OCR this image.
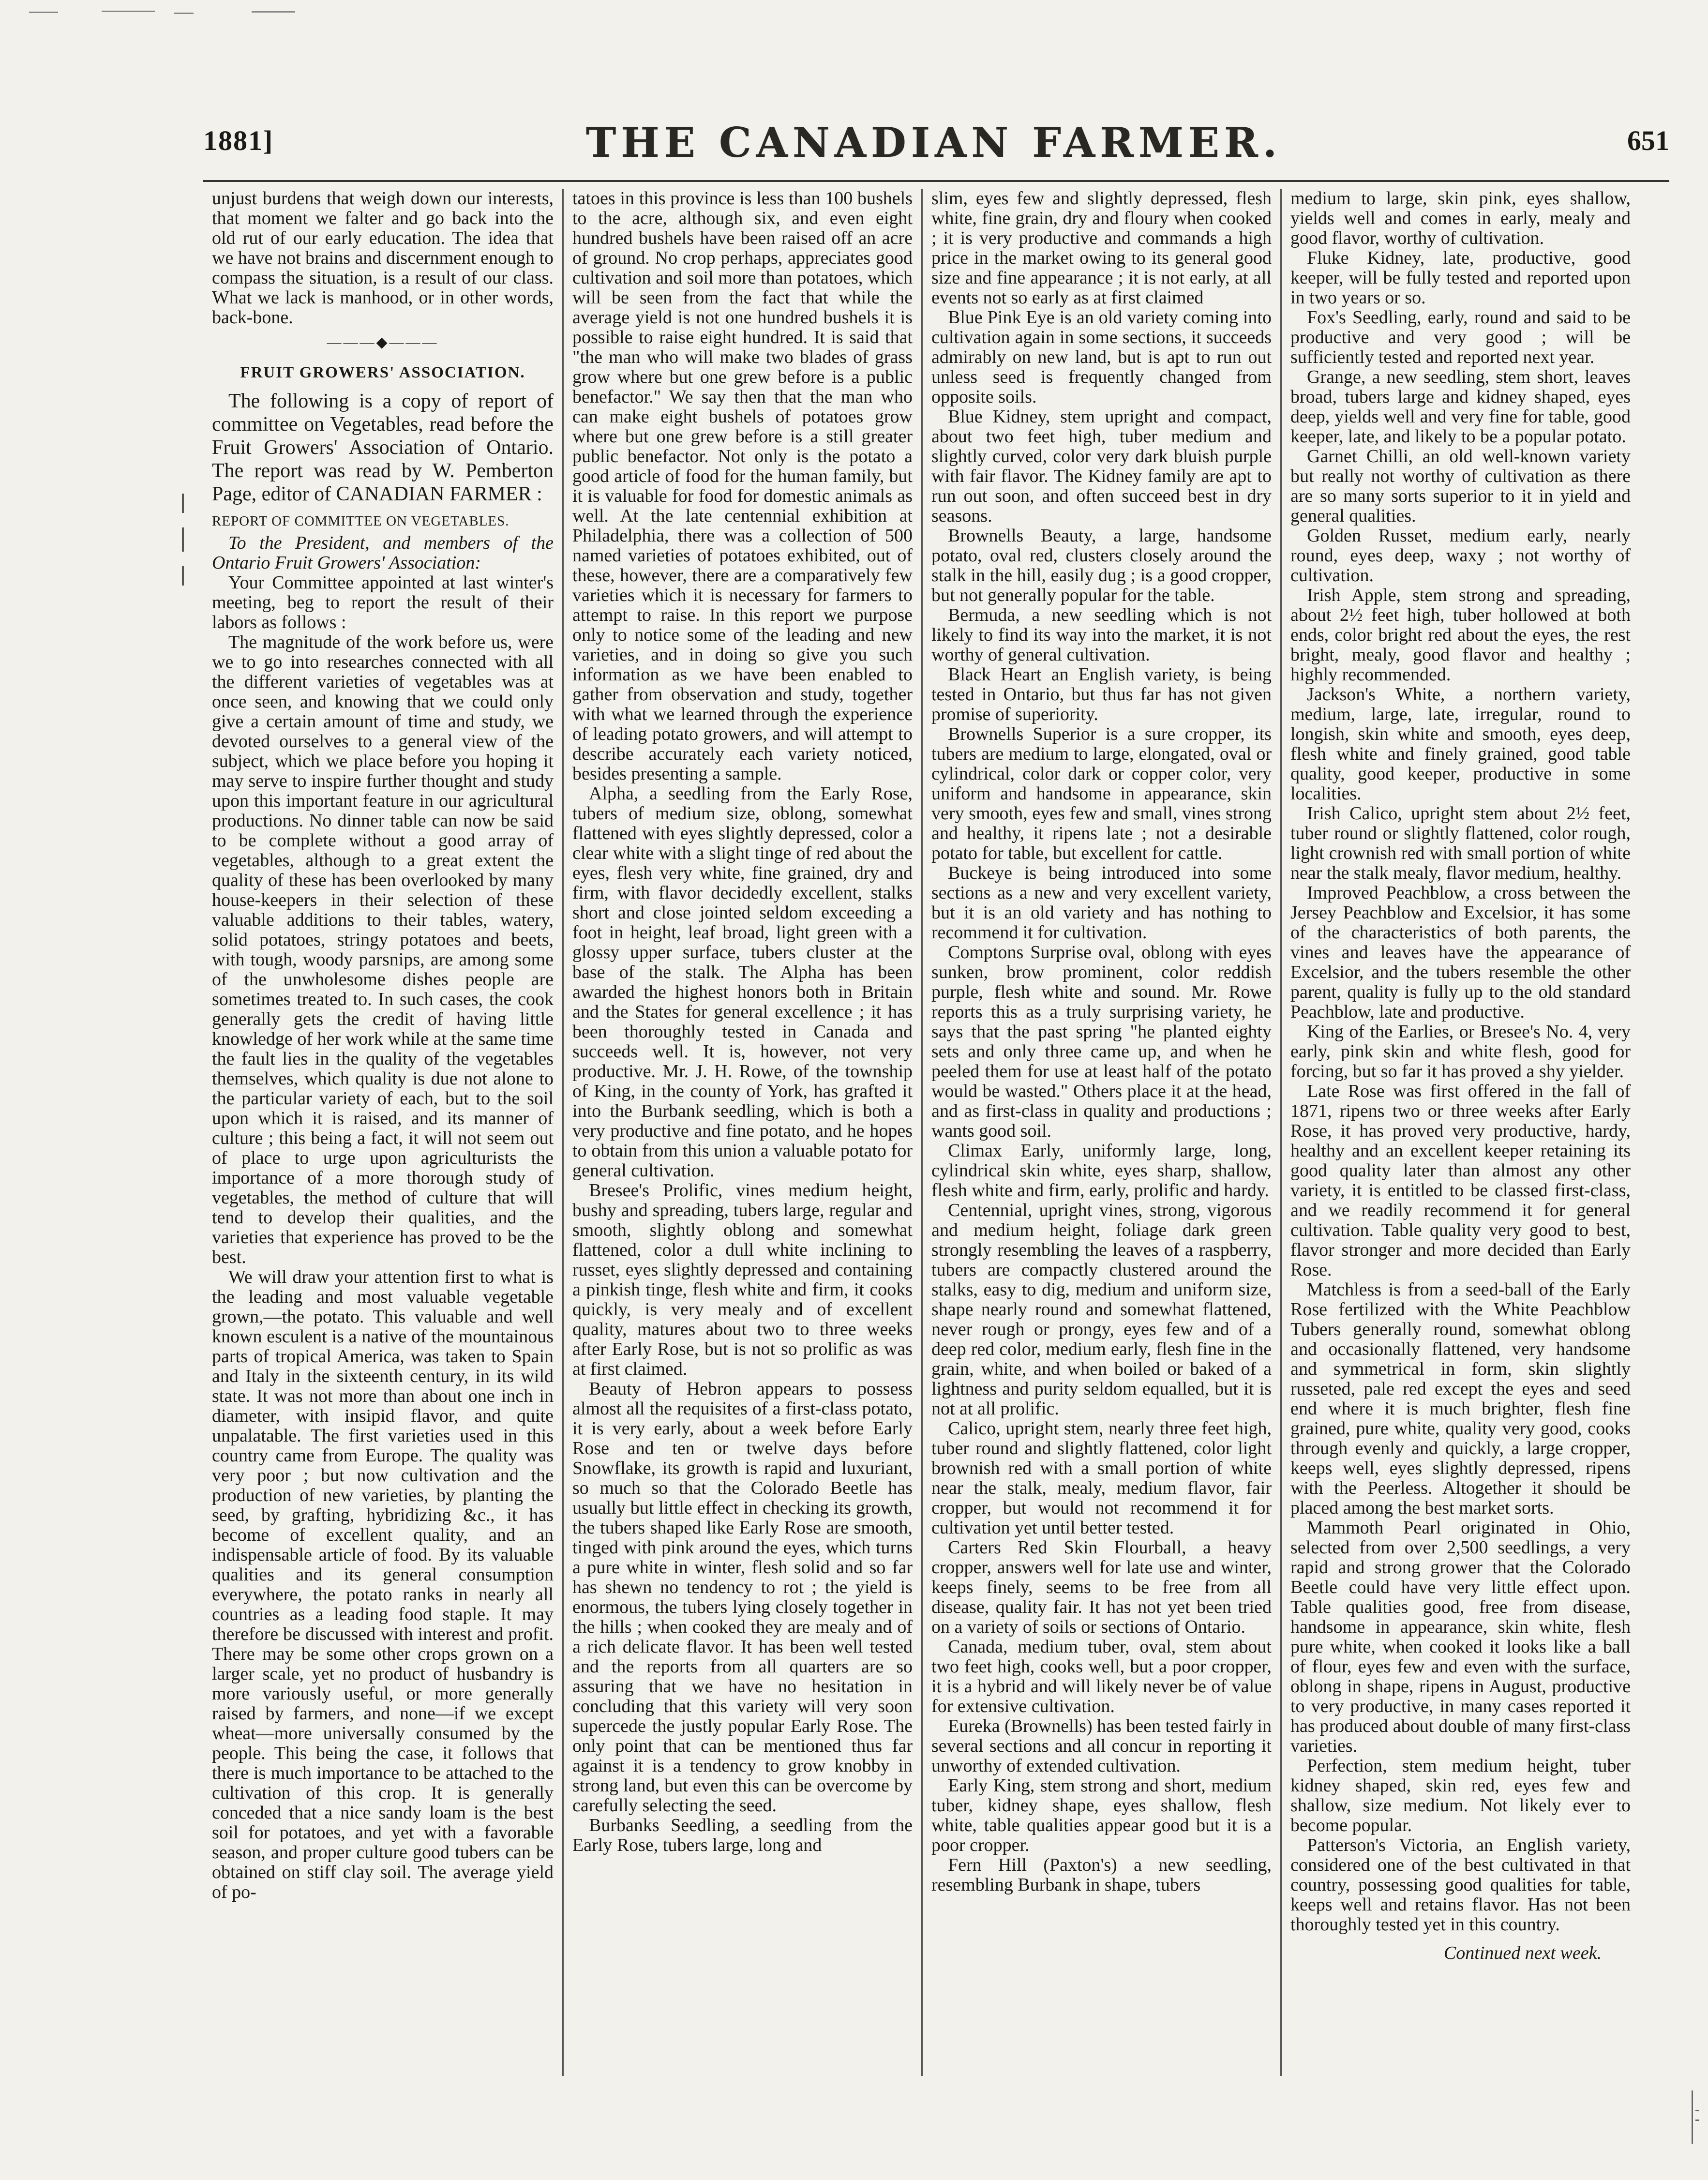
1881]	THE CANADIAN FARMER.	651

unjust burdens that weigh down our interests, that moment we falter and go back into the old rut of our early education. The idea that we have not brains and discernment enough to compass the situation, is a result of our class. What we lack is manhood, or in other words, back-bone.

———◆———
FRUIT GROWERS' ASSOCIATION.

The following is a copy of report of committee on Vegetables, read before the Fruit Growers' Association of Ontario. The report was read by W. Pemberton Page, editor of CANADIAN FARMER :

REPORT OF COMMITTEE ON VEGETABLES.

To the President, and members of the Ontario Fruit Growers' Association:

Your Committee appointed at last winter's meeting, beg to report the result of their labors as follows :

The magnitude of the work before us, were we to go into researches connected with all the different varieties of vegetables was at once seen, and knowing that we could only give a certain amount of time and study, we devoted ourselves to a general view of the subject, which we place before you hoping it may serve to inspire further thought and study upon this important feature in our agricultural productions. No dinner table can now be said to be complete without a good array of vegetables, although to a great extent the quality of these has been overlooked by many house-keepers in their selection of these valuable additions to their tables, watery, solid potatoes, stringy potatoes and beets, with tough, woody parsnips, are among some of the unwholesome dishes people are sometimes treated to. In such cases, the cook generally gets the credit of having little knowledge of her work while at the same time the fault lies in the quality of the vegetables themselves, which quality is due not alone to the particular variety of each, but to the soil upon which it is raised, and its manner of culture ; this being a fact, it will not seem out of place to urge upon agriculturists the importance of a more thorough study of vegetables, the method of culture that will tend to develop their qualities, and the varieties that experience has proved to be the best.

We will draw your attention first to what is the leading and most valuable vegetable grown,—the potato. This valuable and well known esculent is a native of the mountainous parts of tropical America, was taken to Spain and Italy in the sixteenth century, in its wild state. It was not more than about one inch in diameter, with insipid flavor, and quite unpalatable. The first varieties used in this country came from Europe. The quality was very poor ; but now cultivation and the production of new varieties, by planting the seed, by grafting, hybridizing &c., it has become of excellent quality, and an indispensable article of food. By its valuable qualities and its general consumption everywhere, the potato ranks in nearly all countries as a leading food staple. It may therefore be discussed with interest and profit. There may be some other crops grown on a larger scale, yet no product of husbandry is more variously useful, or more generally raised by farmers, and none—if we except wheat—more universally consumed by the people. This being the case, it follows that there is much importance to be attached to the cultivation of this crop. It is generally conceded that a nice sandy loam is the best soil for potatoes, and yet with a favorable season, and proper culture good tubers can be obtained on stiff clay soil. The average yield of po-

tatoes in this province is less than 100 bushels to the acre, although six, and even eight hundred bushels have been raised off an acre of ground. No crop perhaps, appreciates good cultivation and soil more than potatoes, which will be seen from the fact that while the average yield is not one hundred bushels it is possible to raise eight hundred. It is said that "the man who will make two blades of grass grow where but one grew before is a public benefactor." We say then that the man who can make eight bushels of potatoes grow where but one grew before is a still greater public benefactor. Not only is the potato a good article of food for the human family, but it is valuable for food for domestic animals as well. At the late centennial exhibition at Philadelphia, there was a collection of 500 named varieties of potatoes exhibited, out of these, however, there are a comparatively few varieties which it is necessary for farmers to attempt to raise. In this report we purpose only to notice some of the leading and new varieties, and in doing so give you such information as we have been enabled to gather from observation and study, together with what we learned through the experience of leading potato growers, and will attempt to describe accurately each variety noticed, besides presenting a sample.

Alpha, a seedling from the Early Rose, tubers of medium size, oblong, somewhat flattened with eyes slightly depressed, color a clear white with a slight tinge of red about the eyes, flesh very white, fine grained, dry and firm, with flavor decidedly excellent, stalks short and close jointed seldom exceeding a foot in height, leaf broad, light green with a glossy upper surface, tubers cluster at the base of the stalk. The Alpha has been awarded the highest honors both in Britain and the States for general excellence ; it has been thoroughly tested in Canada and succeeds well. It is, however, not very productive. Mr. J. H. Rowe, of the township of King, in the county of York, has grafted it into the Burbank seedling, which is both a very productive and fine potato, and he hopes to obtain from this union a valuable potato for general cultivation.

Bresee's Prolific, vines medium height, bushy and spreading, tubers large, regular and smooth, slightly oblong and somewhat flattened, color a dull white inclining to russet, eyes slightly depressed and containing a pinkish tinge, flesh white and firm, it cooks quickly, is very mealy and of excellent quality, matures about two to three weeks after Early Rose, but is not so prolific as was at first claimed.

Beauty of Hebron appears to possess almost all the requisites of a first-class potato, it is very early, about a week before Early Rose and ten or twelve days before Snowflake, its growth is rapid and luxuriant, so much so that the Colorado Beetle has usually but little effect in checking its growth, the tubers shaped like Early Rose are smooth, tinged with pink around the eyes, which turns a pure white in winter, flesh solid and so far has shewn no tendency to rot ; the yield is enormous, the tubers lying closely together in the hills ; when cooked they are mealy and of a rich delicate flavor. It has been well tested and the reports from all quarters are so assuring that we have no hesitation in concluding that this variety will very soon supercede the justly popular Early Rose. The only point that can be mentioned thus far against it is a tendency to grow knobby in strong land, but even this can be overcome by carefully selecting the seed.

Burbanks Seedling, a seedling from the Early Rose, tubers large, long and

slim, eyes few and slightly depressed, flesh white, fine grain, dry and floury when cooked ; it is very productive and commands a high price in the market owing to its general good size and fine appearance ; it is not early, at all events not so early as at first claimed

Blue Pink Eye is an old variety coming into cultivation again in some sections, it succeeds admirably on new land, but is apt to run out unless seed is frequently changed from opposite soils.

Blue Kidney, stem upright and compact, about two feet high, tuber medium and slightly curved, color very dark bluish purple with fair flavor. The Kidney family are apt to run out soon, and often succeed best in dry seasons.

Brownells Beauty, a large, handsome potato, oval red, clusters closely around the stalk in the hill, easily dug ; is a good cropper, but not generally popular for the table.

Bermuda, a new seedling which is not likely to find its way into the market, it is not worthy of general cultivation.

Black Heart an English variety, is being tested in Ontario, but thus far has not given promise of superiority.

Brownells Superior is a sure cropper, its tubers are medium to large, elongated, oval or cylindrical, color dark or copper color, very uniform and handsome in appearance, skin very smooth, eyes few and small, vines strong and healthy, it ripens late ; not a desirable potato for table, but excellent for cattle.

Buckeye is being introduced into some sections as a new and very excellent variety, but it is an old variety and has nothing to recommend it for cultivation.

Comptons Surprise oval, oblong with eyes sunken, brow prominent, color reddish purple, flesh white and sound. Mr. Rowe reports this as a truly surprising variety, he says that the past spring "he planted eighty sets and only three came up, and when he peeled them for use at least half of the potato would be wasted." Others place it at the head, and as first-class in quality and productions ; wants good soil.

Climax Early, uniformly large, long, cylindrical skin white, eyes sharp, shallow, flesh white and firm, early, prolific and hardy.

Centennial, upright vines, strong, vigorous and medium height, foliage dark green strongly resembling the leaves of a raspberry, tubers are compactly clustered around the stalks, easy to dig, medium and uniform size, shape nearly round and somewhat flattened, never rough or prongy, eyes few and of a deep red color, medium early, flesh fine in the grain, white, and when boiled or baked of a lightness and purity seldom equalled, but it is not at all prolific.

Calico, upright stem, nearly three feet high, tuber round and slightly flattened, color light brownish red with a small portion of white near the stalk, mealy, medium flavor, fair cropper, but would not recommend it for cultivation yet until better tested.

Carters Red Skin Flourball, a heavy cropper, answers well for late use and winter, keeps finely, seems to be free from all disease, quality fair. It has not yet been tried on a variety of soils or sections of Ontario.

Canada, medium tuber, oval, stem about two feet high, cooks well, but a poor cropper, it is a hybrid and will likely never be of value for extensive cultivation.

Eureka (Brownells) has been tested fairly in several sections and all concur in reporting it unworthy of extended cultivation.

Early King, stem strong and short, medium tuber, kidney shape, eyes shallow, flesh white, table qualities appear good but it is a poor cropper.

Fern Hill (Paxton's) a new seedling, resembling Burbank in shape, tubers

medium to large, skin pink, eyes shallow, yields well and comes in early, mealy and good flavor, worthy of cultivation.

Fluke Kidney, late, productive, good keeper, will be fully tested and reported upon in two years or so.

Fox's Seedling, early, round and said to be productive and very good ; will be sufficiently tested and reported next year.

Grange, a new seedling, stem short, leaves broad, tubers large and kidney shaped, eyes deep, yields well and very fine for table, good keeper, late, and likely to be a popular potato.

Garnet Chilli, an old well-known variety but really not worthy of cultivation as there are so many sorts superior to it in yield and general qualities.

Golden Russet, medium early, nearly round, eyes deep, waxy ; not worthy of cultivation.

Irish Apple, stem strong and spreading, about 2½ feet high, tuber hollowed at both ends, color bright red about the eyes, the rest bright, mealy, good flavor and healthy ; highly recommended.

Jackson's White, a northern variety, medium, large, late, irregular, round to longish, skin white and smooth, eyes deep, flesh white and finely grained, good table quality, good keeper, productive in some localities.

Irish Calico, upright stem about 2½ feet, tuber round or slightly flattened, color rough, light crownish red with small portion of white near the stalk mealy, flavor medium, healthy.

Improved Peachblow, a cross between the Jersey Peachblow and Excelsior, it has some of the characteristics of both parents, the vines and leaves have the appearance of Excelsior, and the tubers resemble the other parent, quality is fully up to the old standard Peachblow, late and productive.

King of the Earlies, or Bresee's No. 4, very early, pink skin and white flesh, good for forcing, but so far it has proved a shy yielder.

Late Rose was first offered in the fall of 1871, ripens two or three weeks after Early Rose, it has proved very productive, hardy, healthy and an excellent keeper retaining its good quality later than almost any other variety, it is entitled to be classed first-class, and we readily recommend it for general cultivation. Table quality very good to best, flavor stronger and more decided than Early Rose.

Matchless is from a seed-ball of the Early Rose fertilized with the White Peachblow Tubers generally round, somewhat oblong and occasionally flattened, very handsome and symmetrical in form, skin slightly russeted, pale red except the eyes and seed end where it is much brighter, flesh fine grained, pure white, quality very good, cooks through evenly and quickly, a large cropper, keeps well, eyes slightly depressed, ripens with the Peerless. Altogether it should be placed among the best market sorts.

Mammoth Pearl originated in Ohio, selected from over 2,500 seedlings, a very rapid and strong grower that the Colorado Beetle could have very little effect upon. Table qualities good, free from disease, handsome in appearance, skin white, flesh pure white, when cooked it looks like a ball of flour, eyes few and even with the surface, oblong in shape, ripens in August, productive to very productive, in many cases reported it has produced about double of many first-class varieties.

Perfection, stem medium height, tuber kidney shaped, skin red, eyes few and shallow, size medium. Not likely ever to become popular.

Patterson's Victoria, an English variety, considered one of the best cultivated in that country, possessing good qualities for table, keeps well and retains flavor. Has not been thoroughly tested yet in this country.

Continued next week.
